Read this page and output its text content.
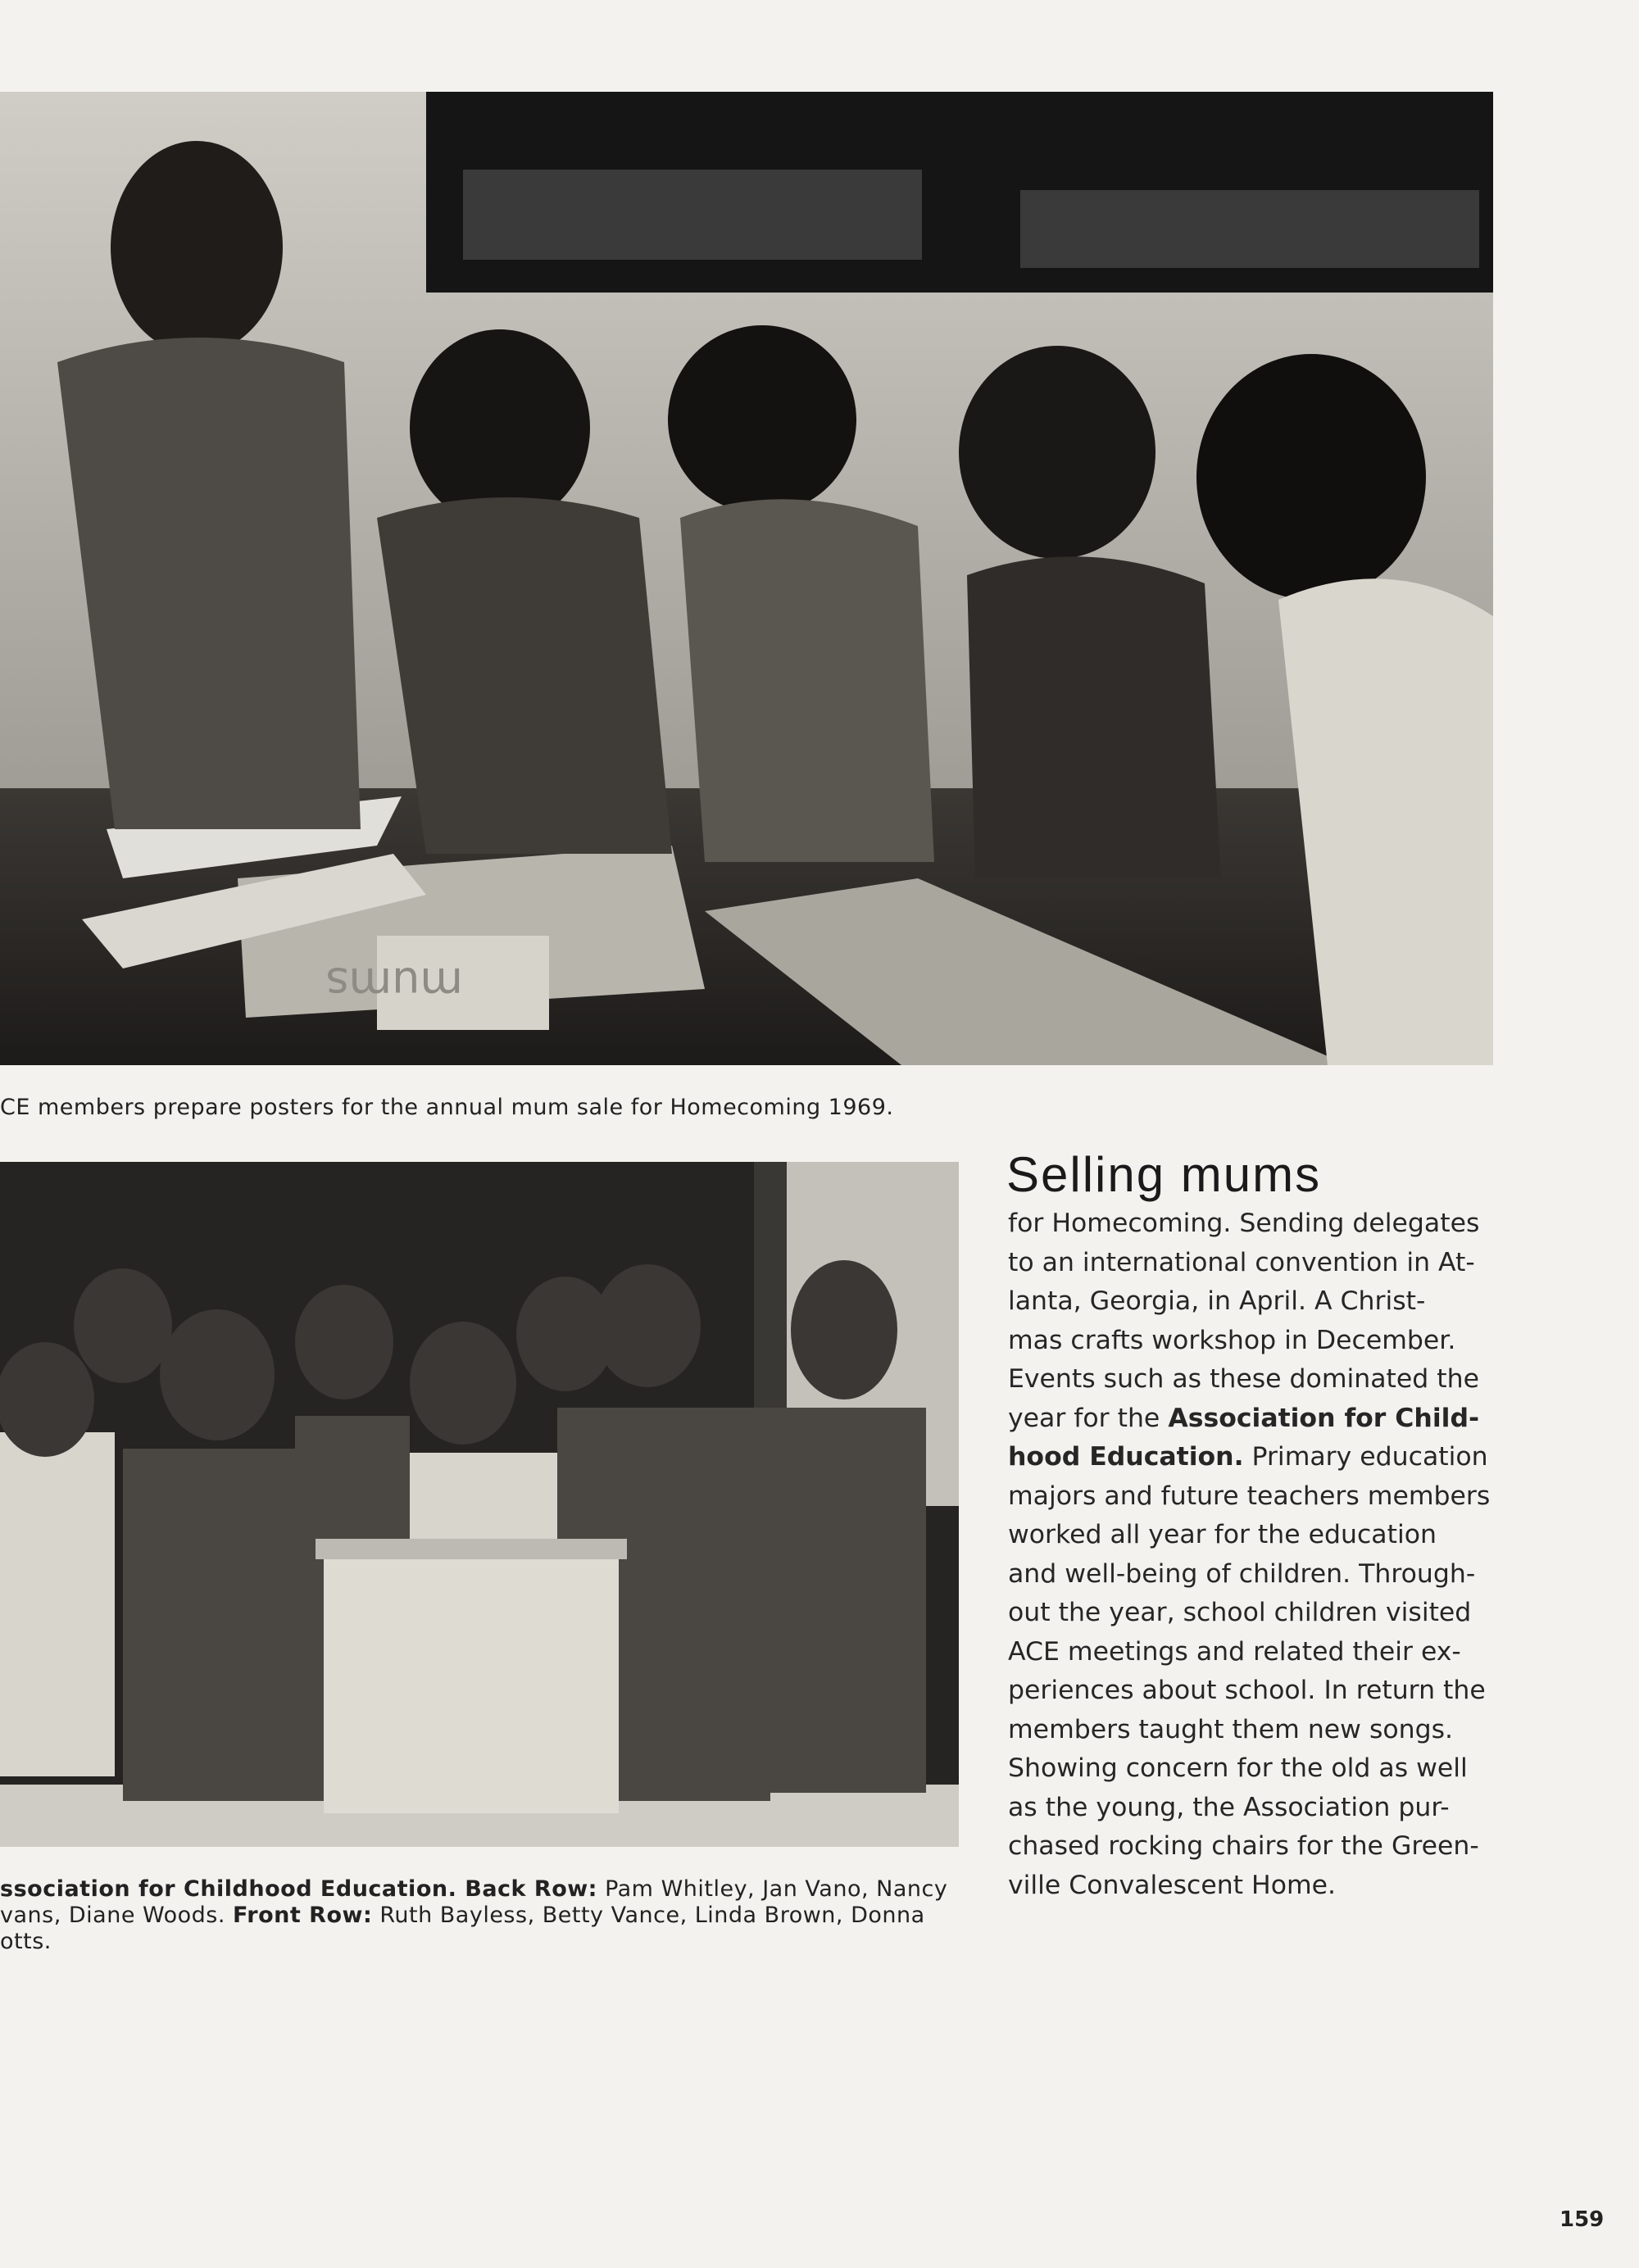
mums
CE members prepare posters for the annual mum sale for Homecoming 1969.
ssociation for Childhood Education. Back Row: Pam Whitley, Jan Vano, Nancy
vans, Diane Woods. Front Row: Ruth Bayless, Betty Vance, Linda Brown, Donna
otts.
Selling mums
for Homecoming. Sending delegates
to an international convention in At-
lanta, Georgia, in April. A Christ-
mas crafts workshop in December.
Events such as these dominated the
year for the Association for Child-
hood Education. Primary education
majors and future teachers members
worked all year for the education
and well-being of children. Through-
out the year, school children visited
ACE meetings and related their ex-
periences about school. In return the
members taught them new songs.
Showing concern for the old as well
as the young, the Association pur-
chased rocking chairs for the Green-
ville Convalescent Home.
159
